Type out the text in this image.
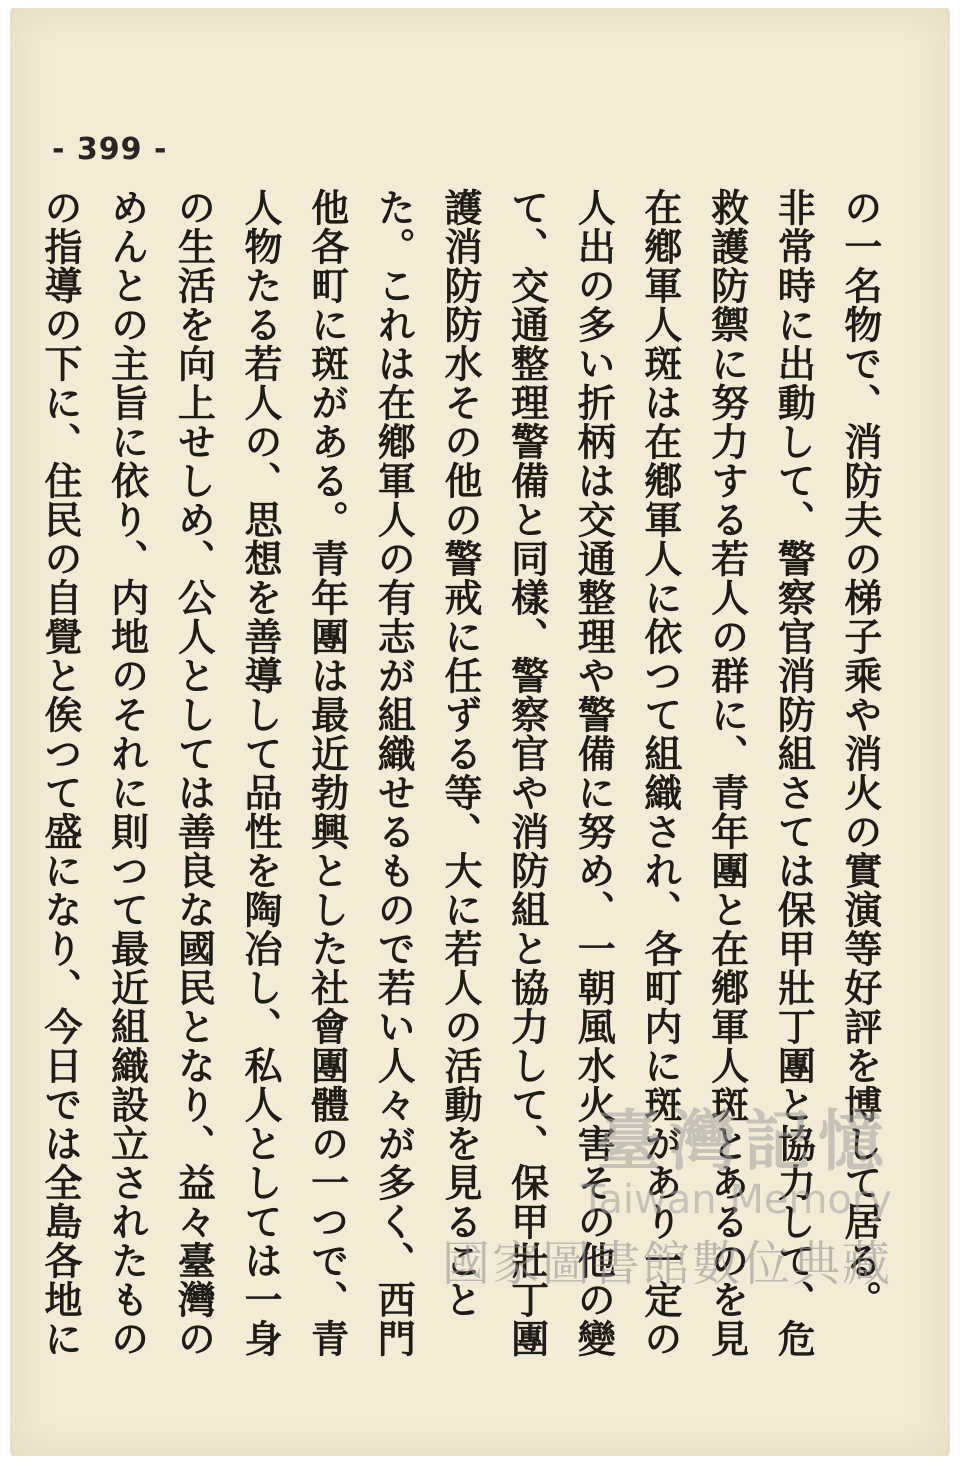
- 399 -
の一名物で、消防夫の梯子乘や消火の實演等好評を博して居る。
非常時に出動して、警察官消防組さては保甲壯丁團と協力して、危
救護防禦に努力する若人の群に、青年團と在鄕軍人斑とあるのを見
在鄕軍人斑は在鄕軍人に依つて組織され、各町内に斑があり一定の
人出の多い折柄は交通整理や警備に努め、一朝風水火害その他の變
て、交通整理警備と同樣、警察官や消防組と協力して、保甲壯丁團
護消防防水その他の警戒に任ずる等、大に若人の活動を見ること
た。これは在鄕軍人の有志が組織せるもので若い人々が多く、西門
他各町に斑がある。青年團は最近勃興とした社會團體の一つで、青
人物たる若人の、思想を善導して品性を陶冶し、私人としては一身
の生活を向上せしめ、公人としては善良な國民となり、益々臺灣の
めんとの主旨に依り、内地のそれに則つて最近組織設立されたもの
の指導の下に、住民の自覺と俟つて盛になり、今日では全島各地に
臺灣記憶
Taiwan Memory
國家圖書館數位典藏
